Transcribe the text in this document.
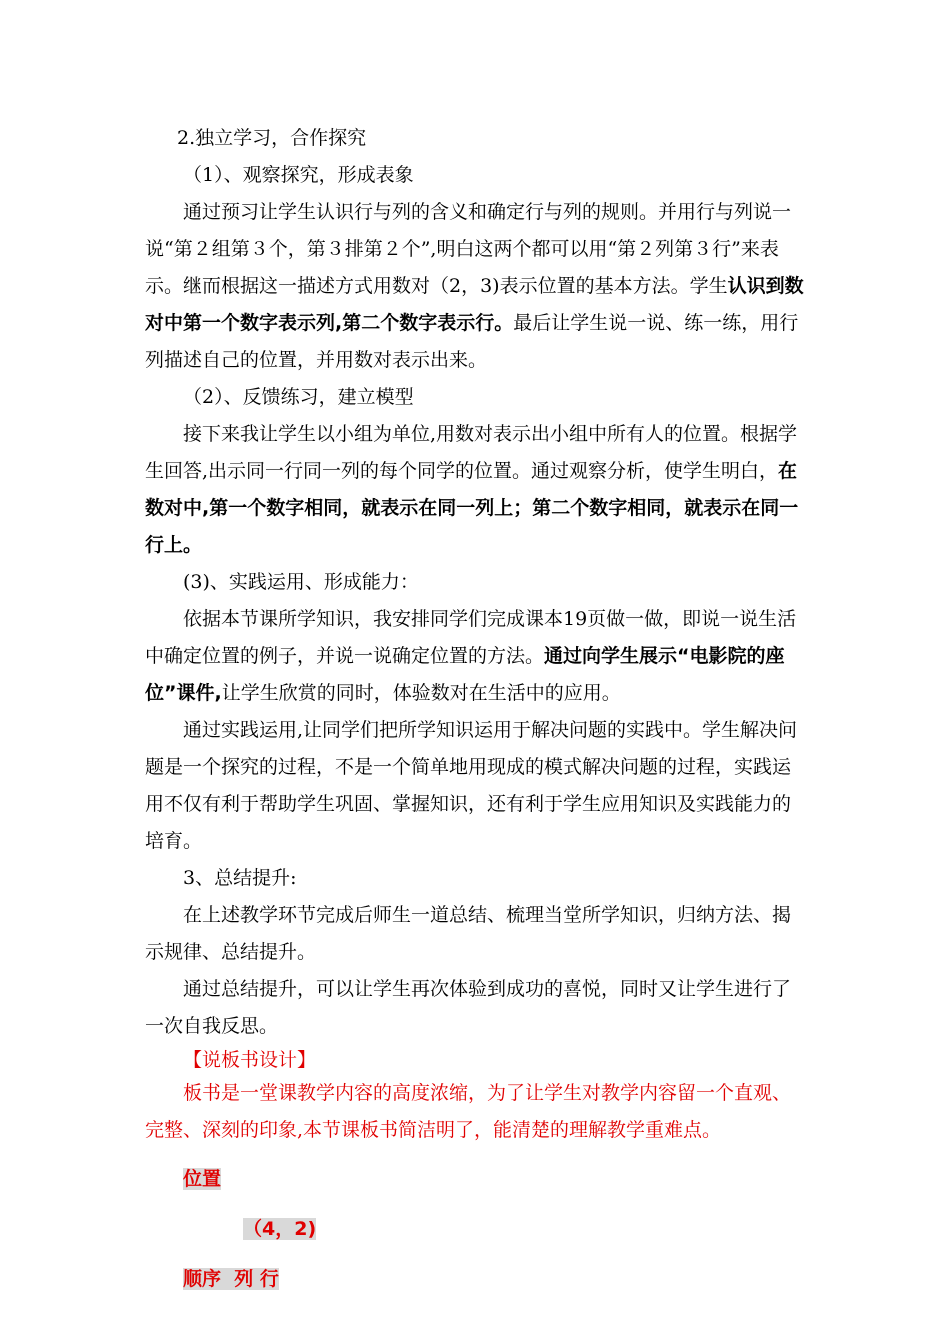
2.独立学习，合作探究
（1）、观察探究，形成表象
通过预习让学生认识行与列的含义和确定行与列的规则。并用行与列说一
说“第２组第３个，第３排第２个”,明白这两个都可以用“第２列第３行”来表
示。继而根据这一描述方式用数对（2，3)表示位置的基本方法。学生认识到数
对中第一个数字表示列,第二个数字表示行。最后让学生说一说、练一练，用行
列描述自己的位置，并用数对表示出来。
（2）、反馈练习，建立模型
接下来我让学生以小组为单位,用数对表示出小组中所有人的位置。根据学
生回答,出示同一行同一列的每个同学的位置。通过观察分析，使学生明白，在
数对中,第一个数字相同，就表示在同一列上；第二个数字相同，就表示在同一
行上。
(3)、实践运用、形成能力：
依据本节课所学知识，我安排同学们完成课本19页做一做，即说一说生活
中确定位置的例子，并说一说确定位置的方法。通过向学生展示“电影院的座
位”课件,让学生欣赏的同时，体验数对在生活中的应用。
通过实践运用,让同学们把所学知识运用于解决问题的实践中。学生解决问
题是一个探究的过程，不是一个简单地用现成的模式解决问题的过程，实践运
用不仅有利于帮助学生巩固、掌握知识，还有利于学生应用知识及实践能力的
培育。
3、总结提升:
在上述教学环节完成后师生一道总结、梳理当堂所学知识，归纳方法、揭
示规律、总结提升。
通过总结提升，可以让学生再次体验到成功的喜悦，同时又让学生进行了
一次自我反思。
【说板书设计】
板书是一堂课教学内容的高度浓缩，为了让学生对教学内容留一个直观、
完整、深刻的印象,本节课板书简洁明了，能清楚的理解教学重难点。
位置
（4，2)
顺序  列 行
